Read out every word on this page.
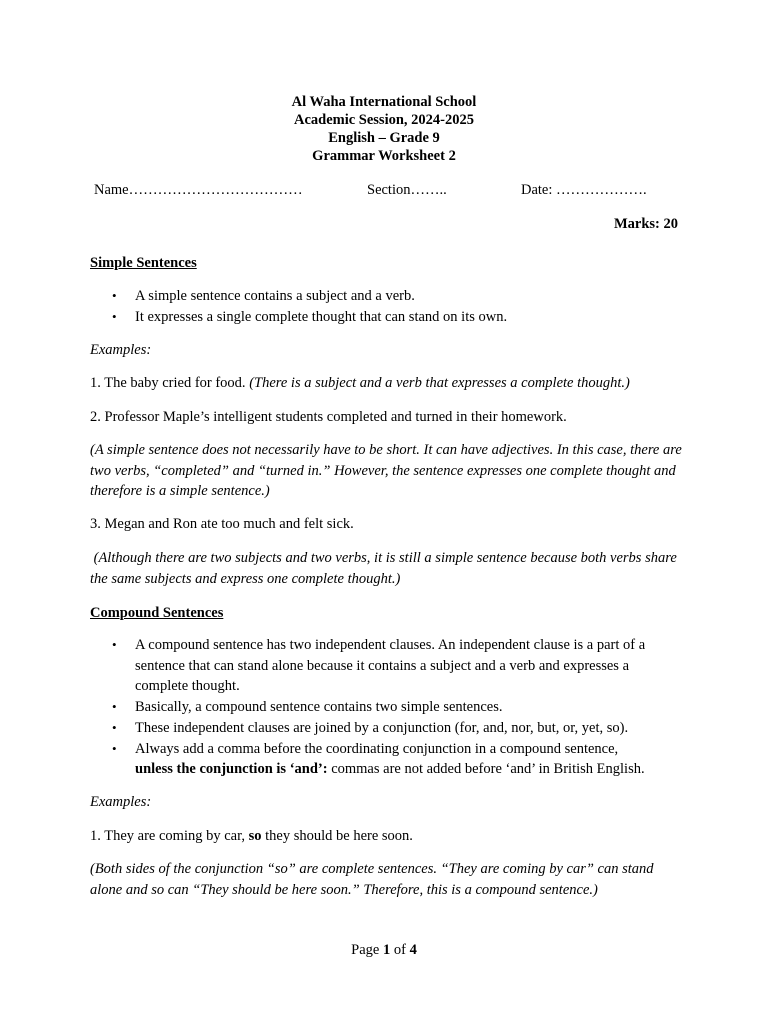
Al Waha International School
Academic Session, 2024-2025
English – Grade 9
Grammar Worksheet 2
Name………………………………	Section……..	Date: ……………….
Marks: 20
Simple Sentences
• A simple sentence contains a subject and a verb.
• It expresses a single complete thought that can stand on its own.
Examples:
1. The baby cried for food. (There is a subject and a verb that expresses a complete thought.)
2. Professor Maple’s intelligent students completed and turned in their homework.
(A simple sentence does not necessarily have to be short. It can have adjectives. In this case, there are two verbs, “completed” and “turned in.” However, the sentence expresses one complete thought and therefore is a simple sentence.)
3. Megan and Ron ate too much and felt sick.
(Although there are two subjects and two verbs, it is still a simple sentence because both verbs share the same subjects and express one complete thought.)
Compound Sentences
• A compound sentence has two independent clauses. An independent clause is a part of a sentence that can stand alone because it contains a subject and a verb and expresses a complete thought.
• Basically, a compound sentence contains two simple sentences.
• These independent clauses are joined by a conjunction (for, and, nor, but, or, yet, so).
• Always add a comma before the coordinating conjunction in a compound sentence,
unless the conjunction is ‘and’: commas are not added before ‘and’ in British English.
Examples:
1. They are coming by car, so they should be here soon.
(Both sides of the conjunction “so” are complete sentences. “They are coming by car” can stand alone and so can “They should be here soon.” Therefore, this is a compound sentence.)
Page 1 of 4
